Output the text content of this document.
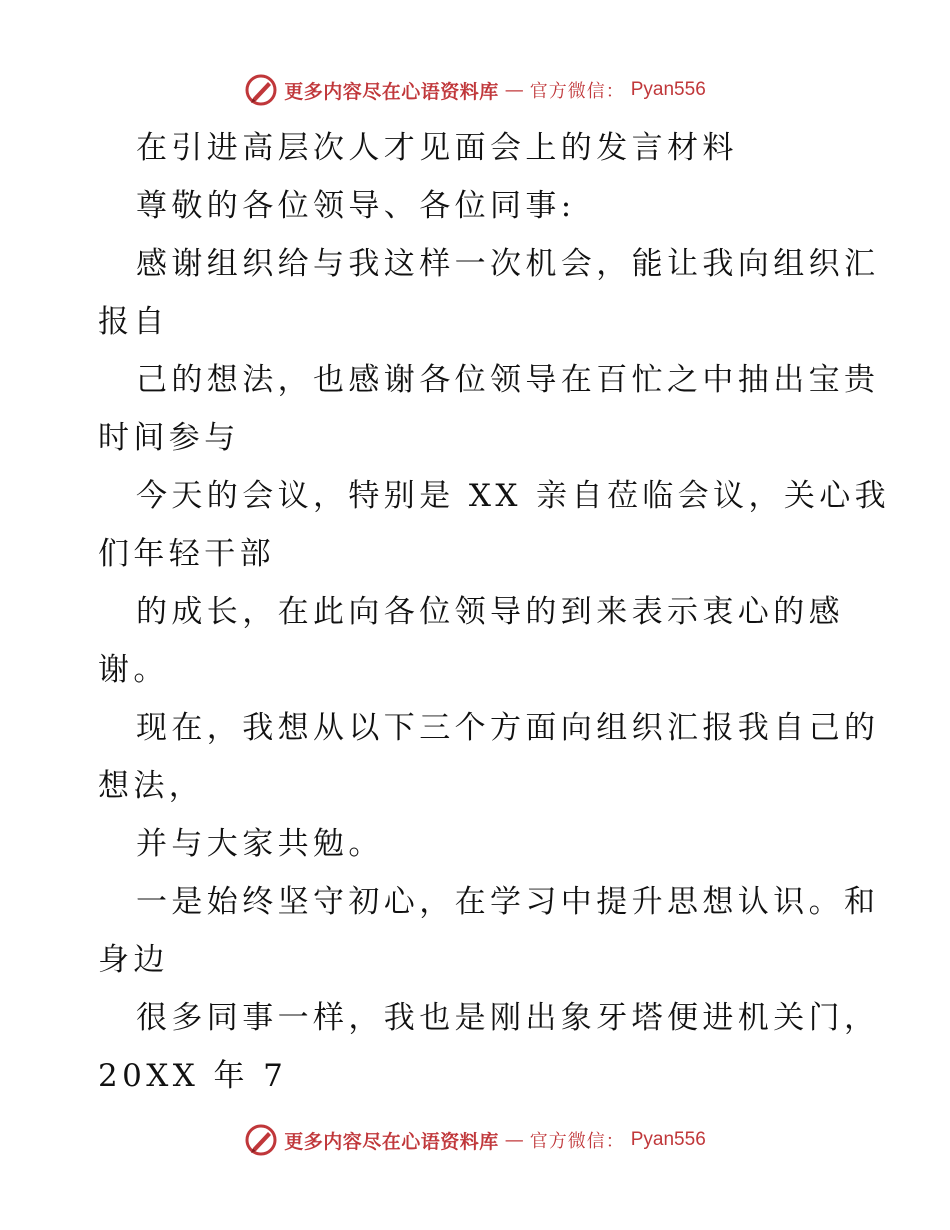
更多内容尽在心语资料库 — 官方微信： Pyan556
在引进高层次人才见面会上的发言材料
尊敬的各位领导、各位同事:
感谢组织给与我这样一次机会，能让我向组织汇
报自
己的想法，也感谢各位领导在百忙之中抽出宝贵
时间参与
今天的会议，特别是 XX 亲自莅临会议，关心我
们年轻干部
的成长，在此向各位领导的到来表示衷心的感
谢。
现在，我想从以下三个方面向组织汇报我自己的
想法，
并与大家共勉。
一是始终坚守初心，在学习中提升思想认识。和
身边
很多同事一样，我也是刚出象牙塔便进机关门，
20XX 年 7
更多内容尽在心语资料库 — 官方微信： Pyan556
